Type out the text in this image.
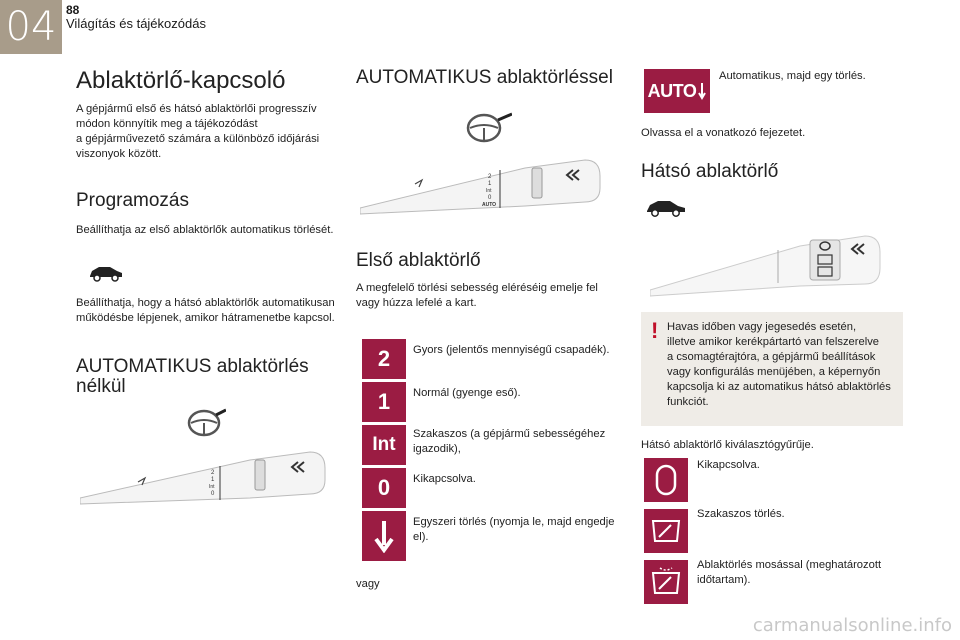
04 88
Világítás és tájékozódás
Ablaktörlő-kapcsoló

A gépjármű első és hátsó ablaktörlői progresszív
módon könnyítik meg a tájékozódást
a gépjárművezető számára a különböző időjárási
viszonyok között.

Programozás

Beállíthatja az első ablaktörlők automatikus törlését.

Beállíthatja, hogy a hátsó ablaktörlők automatikusan
működésbe lépjenek, amikor hátramenetbe kapcsol.

AUTOMATIKUS ablaktörlés
nélkül
2
1
Int
0
AUTOMATIKUS ablaktörléssel
2
1
Int
0
AUTO
Első ablaktörlő

A megfelelő törlési sebesség eléréséig emelje fel
vagy húzza lefelé a kart.

2	Gyors (jelentős mennyiségű csapadék).
1	Normál (gyenge eső).
Int	Szakaszos (a gépjármű sebességéhez
igazodik),
0	Kikapcsolva.
Egyszeri törlés (nyomja le, majd engedje
el).

vagy

AUTO
Automatikus, majd egy törlés.

Olvassa el a vonatkozó fejezetet.

Hátsó ablaktörlő
! Havas időben vagy jegesedés esetén,
illetve amikor kerékpártartó van felszerelve
a csomagtérajtóra, a gépjármű beállítások
vagy konfigurálás menüjében, a képernyőn
kapcsolja ki az automatikus hátsó ablaktörlés
funkciót.

Hátsó ablaktörlő kiválasztógyűrűje.

Kikapcsolva.
Szakaszos törlés.
Ablaktörlés mosással (meghatározott
időtartam).
carmanualsonline.info
